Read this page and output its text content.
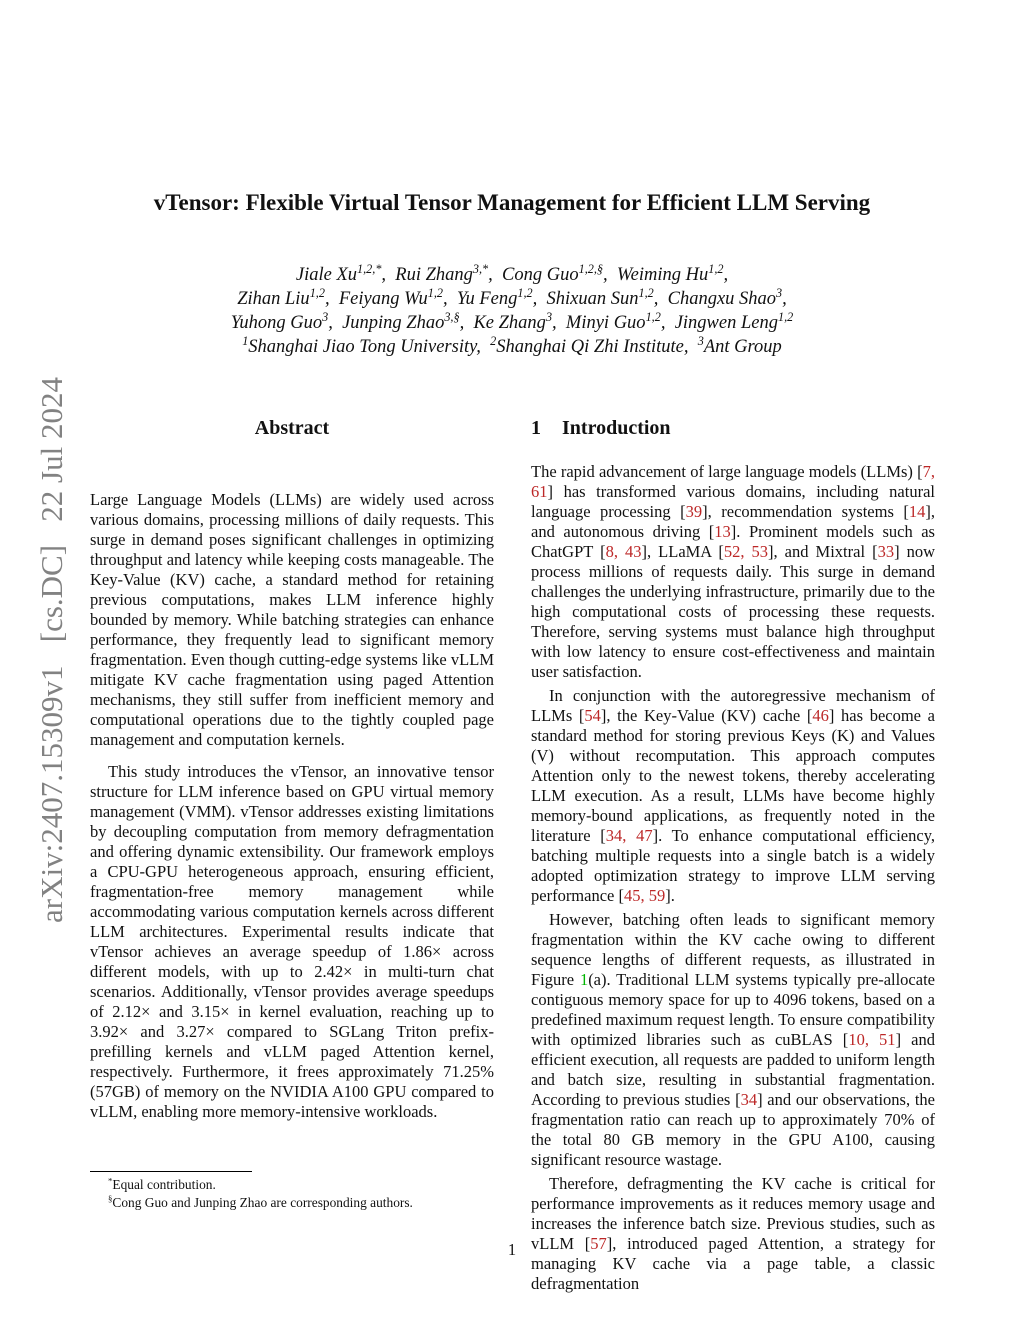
arXiv:2407.15309v1  [cs.DC]  22 Jul 2024
vTensor: Flexible Virtual Tensor Management for Efficient LLM Serving
Jiale $Xu^{1,2,*}$, Rui Zhang$^{3,*}$, Cong Guo$^{1,2,\S}$, Weiming Hu$^{1,2}$,
Zihan Liu$^{1,2}$, Feiyang Wu$^{1,2}$, Yu Feng$^{1,2}$, Shixuan Sun$^{1,2}$, Changxu Shao$^3$,
Yuhong Guo$^3$, Junping Zhao$^{3,\S}$, Ke Zhang$^3$, Minyi Guo$^{1,2}$, Jingwen Leng$^{1,2}$
$^1$Shanghai Jiao Tong University, $^2$Shanghai Qi Zhi Institute, $^3$Ant Group
Abstract

Large Language Models (LLMs) are widely used across various domains, processing millions of daily requests. This surge in demand poses significant challenges in optimizing throughput and latency while keeping costs manageable. The Key-Value (KV) cache, a standard method for retaining previous computations, makes LLM inference highly bounded by memory. While batching strategies can enhance performance, they frequently lead to significant memory fragmentation. Even though cutting-edge systems like vLLM mitigate KV cache fragmentation using paged Attention mechanisms, they still suffer from inefficient memory and computational operations due to the tightly coupled page management and computation kernels.

This study introduces the vTensor, an innovative tensor structure for LLM inference based on GPU virtual memory management (VMM). vTensor addresses existing limitations by decoupling computation from memory defragmentation and offering dynamic extensibility. Our framework employs a CPU-GPU heterogeneous approach, ensuring efficient, fragmentation-free memory management while accommodating various computation kernels across different LLM architectures. Experimental results indicate that vTensor achieves an average speedup of 1.86× across different models, with up to 2.42× in multi-turn chat scenarios. Additionally, vTensor provides average speedups of 2.12× and 3.15× in kernel evaluation, reaching up to 3.92× and 3.27× compared to SGLang Triton prefix-prefilling kernels and vLLM paged Attention kernel, respectively. Furthermore, it frees approximately 71.25% (57GB) of memory on the NVIDIA A100 GPU compared to vLLM, enabling more memory-intensive workloads.

1 Introduction

The rapid advancement of large language models (LLMs) [7, 61] has transformed various domains, including natural language processing [39], recommendation systems [14], and autonomous driving [13]. Prominent models such as ChatGPT [8, 43], LLaMA [52, 53], and Mixtral [33] now process millions of requests daily. This surge in demand challenges the underlying infrastructure, primarily due to the high computational costs of processing these requests. Therefore, serving systems must balance high throughput with low latency to ensure cost-effectiveness and maintain user satisfaction.

In conjunction with the autoregressive mechanism of LLMs [54], the Key-Value (KV) cache [46] has become a standard method for storing previous Keys (K) and Values (V) without recomputation. This approach computes Attention only to the newest tokens, thereby accelerating LLM execution. As a result, LLMs have become highly memory-bound applications, as frequently noted in the literature [34, 47]. To enhance computational efficiency, batching multiple requests into a single batch is a widely adopted optimization strategy to improve LLM serving performance [45, 59].

However, batching often leads to significant memory fragmentation within the KV cache owing to different sequence lengths of different requests, as illustrated in Figure 1(a). Traditional LLM systems typically pre-allocate contiguous memory space for up to 4096 tokens, based on a predefined maximum request length. To ensure compatibility with optimized libraries such as cuBLAS [10, 51] and efficient execution, all requests are padded to uniform length and batch size, resulting in substantial fragmentation. According to previous studies [34] and our observations, the fragmentation ratio can reach up to approximately 70% of the total 80 GB memory in the GPU A100, causing significant resource wastage.

Therefore, defragmenting the KV cache is critical for performance improvements as it reduces memory usage and increases the inference batch size. Previous studies, such as vLLM [57], introduced paged Attention, a strategy for managing KV cache via a page table, a classic defragmentation

*Equal contribution.

§Cong Guo and Junping Zhao are corresponding authors.

1
